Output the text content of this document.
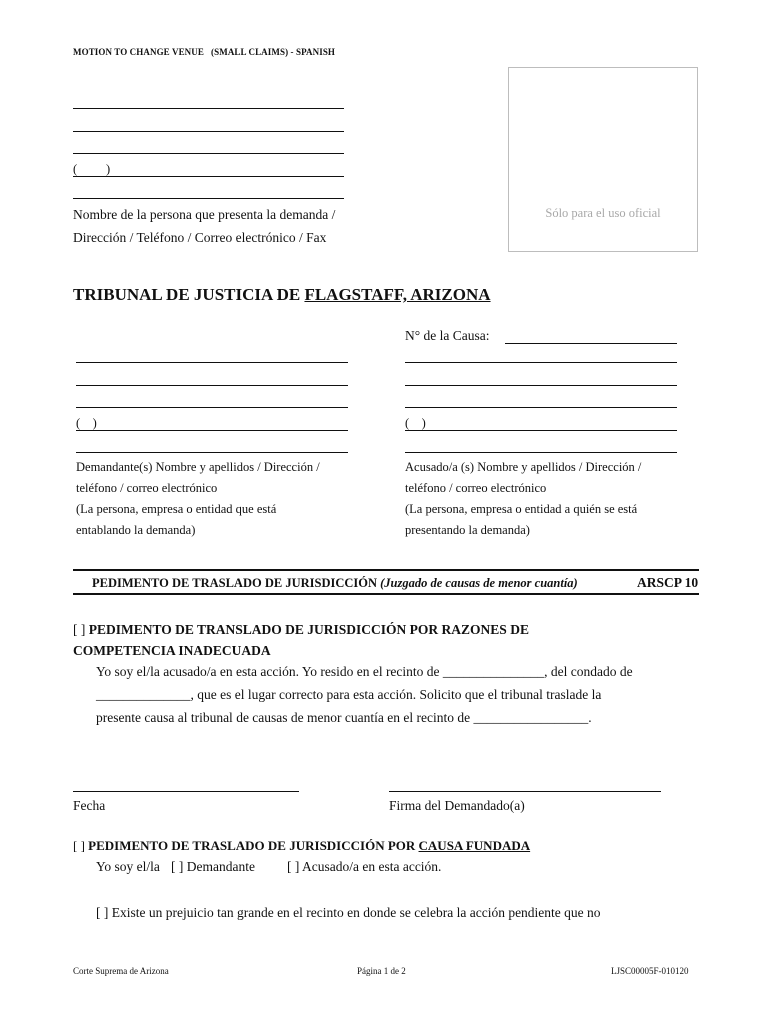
MOTION TO CHANGE VENUE   (SMALL CLAIMS) - SPANISH
( )
Nombre de la persona que presenta la demanda /
Dirección / Teléfono / Correo electrónico / Fax
Sólo para el uso oficial
TRIBUNAL DE JUSTICIA DE FLAGSTAFF, ARIZONA
N° de la Causa:
(    )
Demandante(s) Nombre y apellidos / Dirección /
teléfono / correo electrónico
(La persona, empresa o entidad que está
entablando la demanda)
(    )
Acusado/a (s) Nombre y apellidos / Dirección /
teléfono / correo electrónico
(La persona, empresa o entidad a quién se está
presentando la demanda)
PEDIMENTO DE TRASLADO DE JURISDICCIÓN (Juzgado de causas de menor cuantía)	ARSCP 10
[ ] PEDIMENTO DE TRANSLADO DE JURISDICCIÓN POR RAZONES DE
COMPETENCIA INADECUADA
Yo soy el/la acusado/a en esta acción. Yo resido en el recinto de _______________, del condado de
______________, que es el lugar correcto para esta acción. Solicito que el tribunal traslade la
presente causa al tribunal de causas de menor cuantía en el recinto de _________________.
Fecha	Firma del Demandado(a)
[ ] PEDIMENTO DE TRASLADO DE JURISDICCIÓN POR CAUSA FUNDADA
Yo soy el/la [ ] Demandante [ ] Acusado/a en esta acción.
[ ] Existe un prejuicio tan grande en el recinto en donde se celebra la acción pendiente que no
Corte Suprema de Arizona	Página 1 de 2	LJSC00005F-010120
